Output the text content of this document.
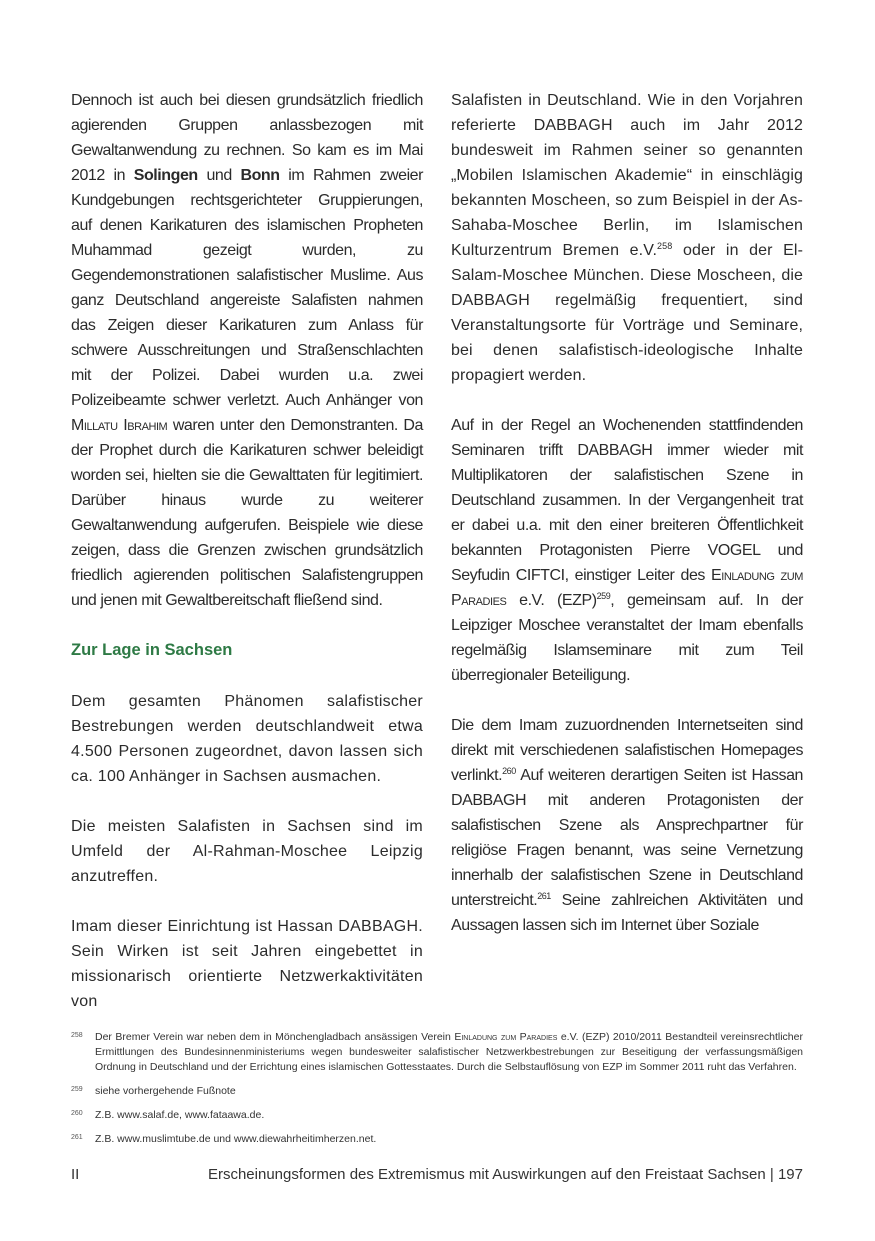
Dennoch ist auch bei diesen grundsätzlich friedlich agierenden Gruppen anlassbezogen mit Gewaltanwendung zu rechnen. So kam es im Mai 2012 in Solingen und Bonn im Rahmen zweier Kundgebungen rechtsgerichteter Gruppierungen, auf denen Karikaturen des islamischen Propheten Muhammad gezeigt wurden, zu Gegendemonstrationen salafistischer Muslime. Aus ganz Deutschland angereiste Salafisten nahmen das Zeigen dieser Karikaturen zum Anlass für schwere Ausschreitungen und Straßenschlachten mit der Polizei. Dabei wurden u.a. zwei Polizeibeamte schwer verletzt. Auch Anhänger von Millatu Ibrahim waren unter den Demonstranten. Da der Prophet durch die Karikaturen schwer beleidigt worden sei, hielten sie die Gewalttaten für legitimiert. Darüber hinaus wurde zu weiterer Gewaltanwendung aufgerufen. Beispiele wie diese zeigen, dass die Grenzen zwischen grundsätzlich friedlich agierenden politischen Salafistengruppen und jenen mit Gewaltbereitschaft fließend sind.

Zur Lage in Sachsen

Dem gesamten Phänomen salafistischer Bestrebungen werden deutschlandweit etwa 4.500 Personen zugeordnet, davon lassen sich ca. 100 Anhänger in Sachsen ausmachen.

Die meisten Salafisten in Sachsen sind im Umfeld der Al-Rahman-Moschee Leipzig anzutreffen.

Imam dieser Einrichtung ist Hassan DABBAGH. Sein Wirken ist seit Jahren eingebettet in missionarisch orientierte Netzwerkaktivitäten von

Salafisten in Deutschland. Wie in den Vorjahren referierte DABBAGH auch im Jahr 2012 bundesweit im Rahmen seiner so genannten „Mobilen Islamischen Akademie“ in einschlägig bekannten Moscheen, so zum Beispiel in der As-Sahaba-Moschee Berlin, im Islamischen Kulturzentrum Bremen e.V.$^{258}$ oder in der El-Salam-Moschee München. Diese Moscheen, die DABBAGH regelmäßig frequentiert, sind Veranstaltungsorte für Vorträge und Seminare, bei denen salafistisch-ideologische Inhalte propagiert werden.

Auf in der Regel an Wochenenden stattfindenden Seminaren trifft DABBAGH immer wieder mit Multiplikatoren der salafistischen Szene in Deutschland zusammen. In der Vergangenheit trat er dabei u.a. mit den einer breiteren Öffentlichkeit bekannten Protagonisten Pierre VOGEL und Seyfudin CIFTCI, einstiger Leiter des Einladung zum Paradies e.V. (EZP)$^{259}$, gemeinsam auf. In der Leipziger Moschee veranstaltet der Imam ebenfalls regelmäßig Islamseminare mit zum Teil überregionaler Beteiligung.

Die dem Imam zuzuordnenden Internetseiten sind direkt mit verschiedenen salafistischen Homepages verlinkt.$^{260}$ Auf weiteren derartigen Seiten ist Hassan DABBAGH mit anderen Protagonisten der salafistischen Szene als Ansprechpartner für religiöse Fragen benannt, was seine Vernetzung innerhalb der salafistischen Szene in Deutschland unterstreicht.$^{261}$ Seine zahlreichen Aktivitäten und Aussagen lassen sich im Internet über Soziale

258	Der Bremer Verein war neben dem in Mönchengladbach ansässigen Verein Einladung zum Paradies e.V. (EZP) 2010/2011 Bestandteil vereinsrechtlicher Ermittlungen des Bundesinnenministeriums wegen bundesweiter salafistischer Netzwerkbestrebungen zur Beseitigung der verfassungsmäßigen Ordnung in Deutschland und der Errichtung eines islamischen Gottesstaates. Durch die Selbstauflösung von EZP im Sommer 2011 ruht das Verfahren.
259	siehe vorhergehende Fußnote
260	Z.B. www.salaf.de, www.fataawa.de.
261	Z.B. www.muslimtube.de und www.diewahrheitimherzen.net.
II	Erscheinungsformen des Extremismus mit Auswirkungen auf den Freistaat Sachsen | 197
